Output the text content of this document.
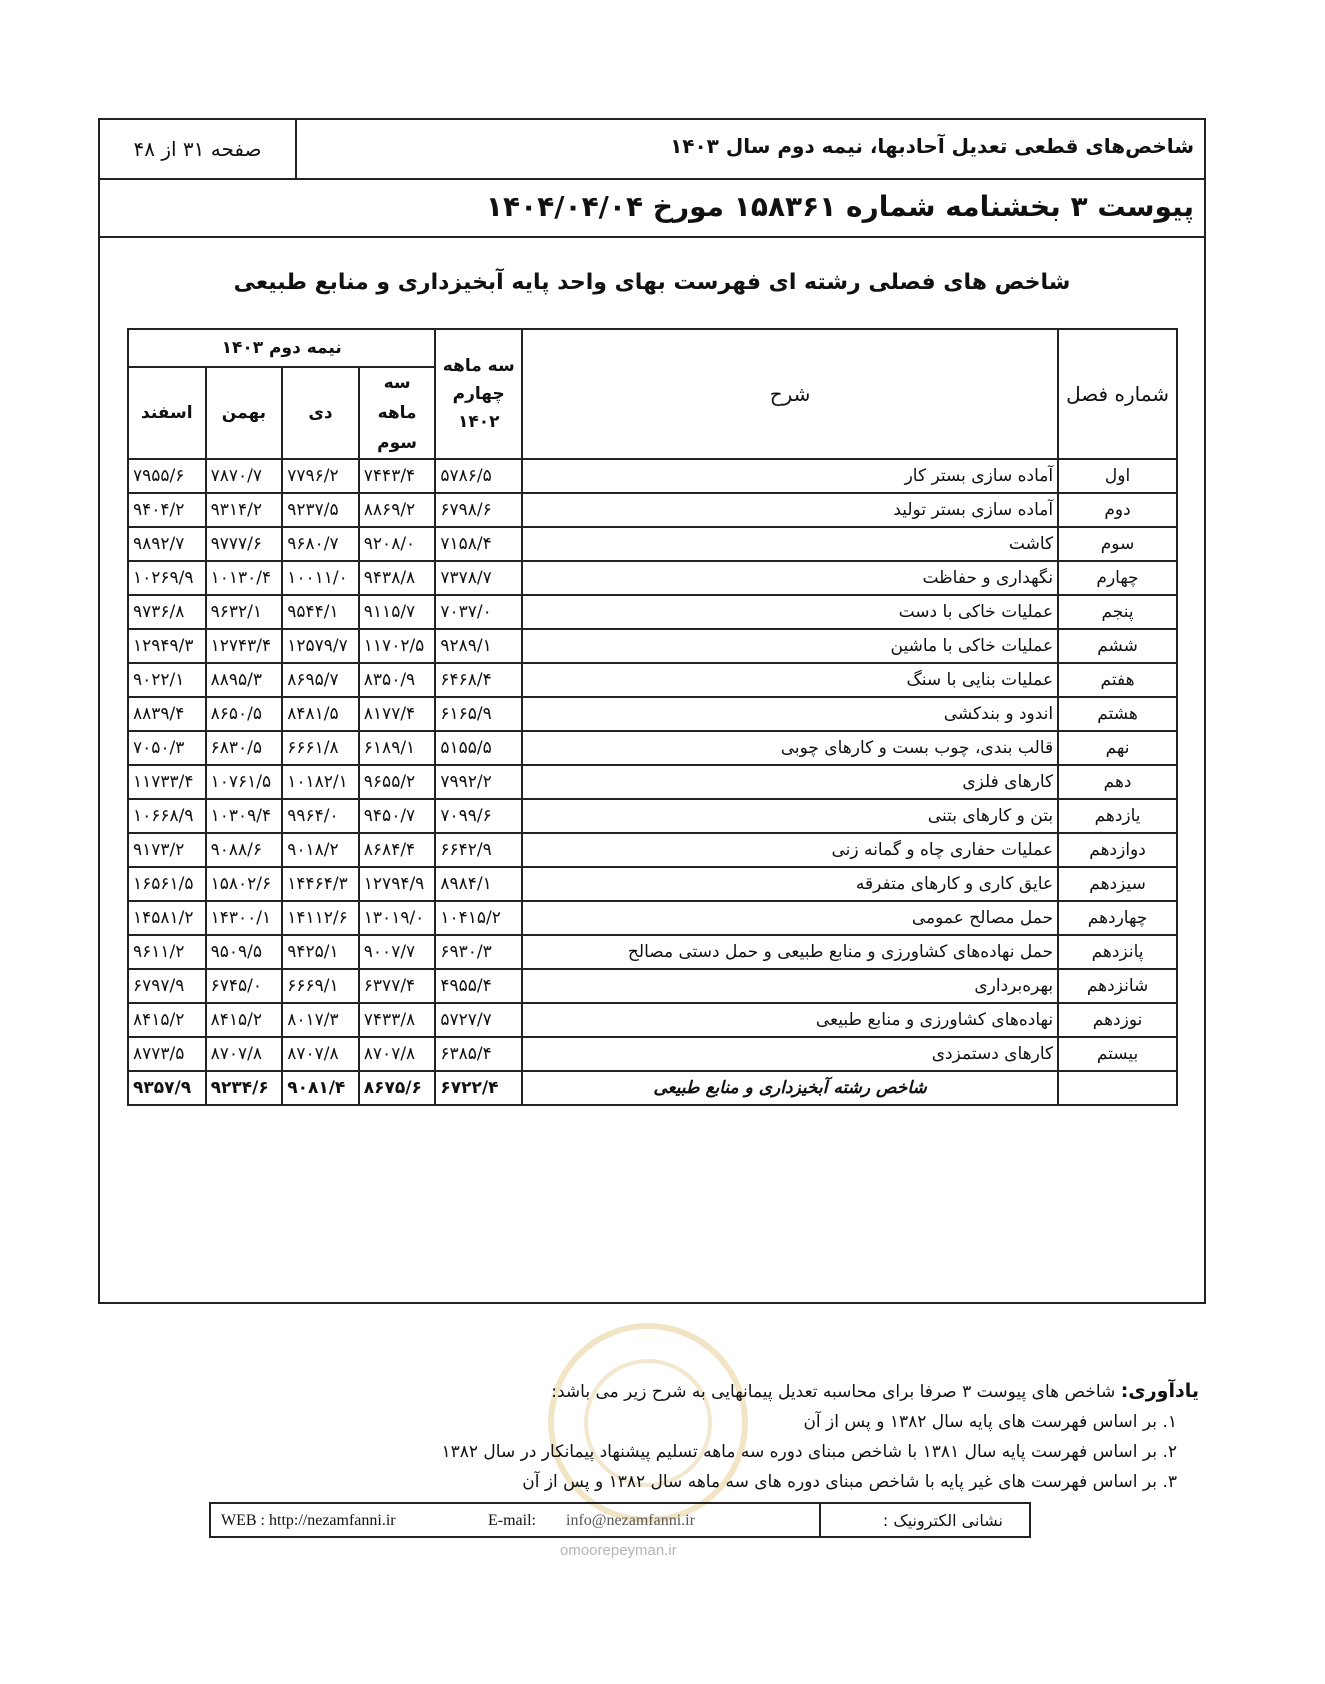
شاخص‌های قطعی تعدیل آحادبها، نیمه دوم سال ۱۴۰۳
صفحه ۳۱ از ۴۸
پیوست ۳ بخشنامه شماره ۱۵۸۳۶۱ مورخ ۱۴۰۴/۰۴/۰۴
شاخص های فصلی رشته ای فهرست بهای واحد پایه آبخیزداری و منابع طبیعی
شماره فصل	شرح	سه ماهه چهارم ۱۴۰۲	نیمه دوم ۱۴۰۳			
			سه ماهه سوم	دی	بهمن	اسفند
اول	آماده سازی بستر کار	۵۷۸۶/۵	۷۴۴۳/۴	۷۷۹۶/۲	۷۸۷۰/۷	۷۹۵۵/۶
دوم	آماده سازی بستر تولید	۶۷۹۸/۶	۸۸۶۹/۲	۹۲۳۷/۵	۹۳۱۴/۲	۹۴۰۴/۲
سوم	کاشت	۷۱۵۸/۴	۹۲۰۸/۰	۹۶۸۰/۷	۹۷۷۷/۶	۹۸۹۲/۷
چهارم	نگهداری و حفاظت	۷۳۷۸/۷	۹۴۳۸/۸	۱۰۰۱۱/۰	۱۰۱۳۰/۴	۱۰۲۶۹/۹
پنجم	عملیات خاکی با دست	۷۰۳۷/۰	۹۱۱۵/۷	۹۵۴۴/۱	۹۶۳۲/۱	۹۷۳۶/۸
ششم	عملیات خاکی با ماشین	۹۲۸۹/۱	۱۱۷۰۲/۵	۱۲۵۷۹/۷	۱۲۷۴۳/۴	۱۲۹۴۹/۳
هفتم	عملیات بنایی با سنگ	۶۴۶۸/۴	۸۳۵۰/۹	۸۶۹۵/۷	۸۸۹۵/۳	۹۰۲۲/۱
هشتم	اندود و بندکشی	۶۱۶۵/۹	۸۱۷۷/۴	۸۴۸۱/۵	۸۶۵۰/۵	۸۸۳۹/۴
نهم	قالب بندی، چوب بست و کارهای چوبی	۵۱۵۵/۵	۶۱۸۹/۱	۶۶۶۱/۸	۶۸۳۰/۵	۷۰۵۰/۳
دهم	کارهای فلزی	۷۹۹۲/۲	۹۶۵۵/۲	۱۰۱۸۲/۱	۱۰۷۶۱/۵	۱۱۷۳۳/۴
یازدهم	بتن و کارهای بتنی	۷۰۹۹/۶	۹۴۵۰/۷	۹۹۶۴/۰	۱۰۳۰۹/۴	۱۰۶۶۸/۹
دوازدهم	عملیات حفاری چاه و گمانه زنی	۶۶۴۲/۹	۸۶۸۴/۴	۹۰۱۸/۲	۹۰۸۸/۶	۹۱۷۳/۲
سیزدهم	عایق کاری و کارهای متفرقه	۸۹۸۴/۱	۱۲۷۹۴/۹	۱۴۴۶۴/۳	۱۵۸۰۲/۶	۱۶۵۶۱/۵
چهاردهم	حمل مصالح عمومی	۱۰۴۱۵/۲	۱۳۰۱۹/۰	۱۴۱۱۲/۶	۱۴۳۰۰/۱	۱۴۵۸۱/۲
پانزدهم	حمل نهاده‌های کشاورزی و منابع طبیعی و حمل دستی مصالح	۶۹۳۰/۳	۹۰۰۷/۷	۹۴۲۵/۱	۹۵۰۹/۵	۹۶۱۱/۲
شانزدهم	بهره‌برداری	۴۹۵۵/۴	۶۳۷۷/۴	۶۶۶۹/۱	۶۷۴۵/۰	۶۷۹۷/۹
نوزدهم	نهاده‌های کشاورزی و منابع طبیعی	۵۷۲۷/۷	۷۴۳۳/۸	۸۰۱۷/۳	۸۴۱۵/۲	۸۴۱۵/۲
بیستم	کارهای دستمزدی	۶۳۸۵/۴	۸۷۰۷/۸	۸۷۰۷/۸	۸۷۰۷/۸	۸۷۷۳/۵
	شاخص رشته آبخیزداری و منابع طبیعی	۶۷۲۲/۴	۸۶۷۵/۶	۹۰۸۱/۴	۹۲۳۴/۶	۹۳۵۷/۹
یادآوری: شاخص های پیوست ۳ صرفا برای محاسبه تعدیل پیمانهایی به شرح زیر می باشد:
۱. بر اساس فهرست های پایه سال ۱۳۸۲ و پس از آن
۲. بر اساس فهرست پایه سال ۱۳۸۱ با شاخص مبنای دوره سه ماهه تسلیم پیشنهاد پیمانکار در سال ۱۳۸۲
۳. بر اساس فهرست های غیر پایه با شاخص مبنای دوره های سه ماهه سال ۱۳۸۲ و پس از آن
WEB : http://nezamfanni.ir	E-mail: info@nezamfanni.ir	نشانی الکترونیک :
omoorepeyman.ir
